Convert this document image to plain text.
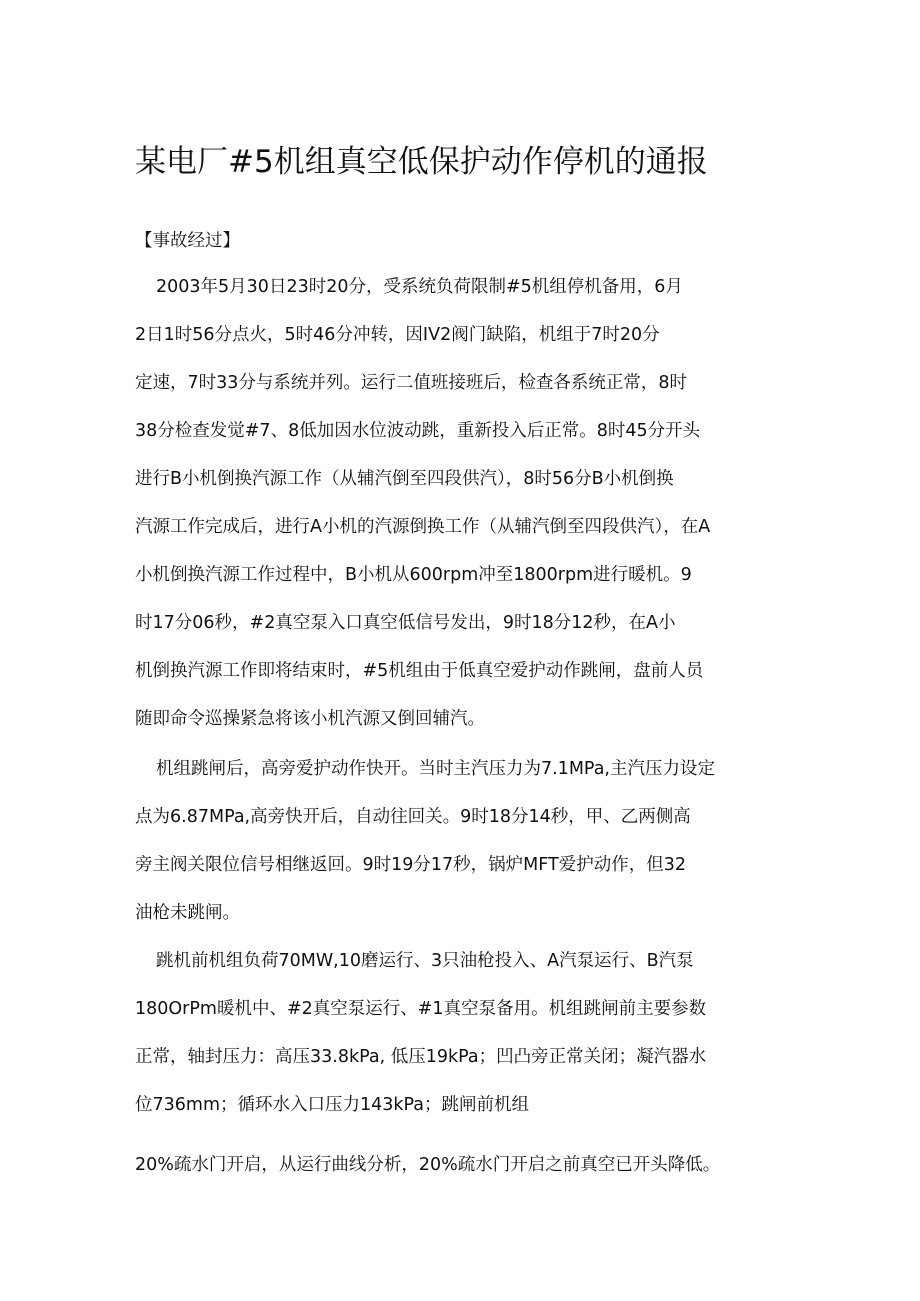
某电厂#5机组真空低保护动作停机的通报
【事故经过】
2003年5月30日23时20分，受系统负荷限制#5机组停机备用，6月
2日1时56分点火，5时46分冲转，因IV2阀门缺陷，机组于7时20分
定速，7时33分与系统并列。运行二值班接班后，检查各系统正常，8时
38分检查发觉#7、8低加因水位波动跳，重新投入后正常。8时45分开头
进行B小机倒换汽源工作（从辅汽倒至四段供汽），8时56分B小机倒换
汽源工作完成后，进行A小机的汽源倒换工作（从辅汽倒至四段供汽），在A
小机倒换汽源工作过程中，B小机从600rpm冲至1800rpm进行暖机。9
时17分06秒，#2真空泵入口真空低信号发出，9时18分12秒，在A小
机倒换汽源工作即将结束时，#5机组由于低真空爱护动作跳闸，盘前人员
随即命令巡操紧急将该小机汽源又倒回辅汽。
机组跳闸后，高旁爱护动作快开。当时主汽压力为7.1MPa,主汽压力设定
点为6.87MPa,高旁快开后，自动往回关。9时18分14秒，甲、乙两侧高
旁主阀关限位信号相继返回。9时19分17秒，锅炉MFT爱护动作，但32
油枪未跳闸。
跳机前机组负荷70MW,10磨运行、3只油枪投入、A汽泵运行、B汽泵
180OrPm暖机中、#2真空泵运行、#1真空泵备用。机组跳闸前主要参数
正常，轴封压力：高压33.8kPa, 低压19kPa；凹凸旁正常关闭；凝汽器水
位736mm；循环水入口压力143kPa；跳闸前机组
20%疏水门开启，从运行曲线分析，20%疏水门开启之前真空已开头降低。
